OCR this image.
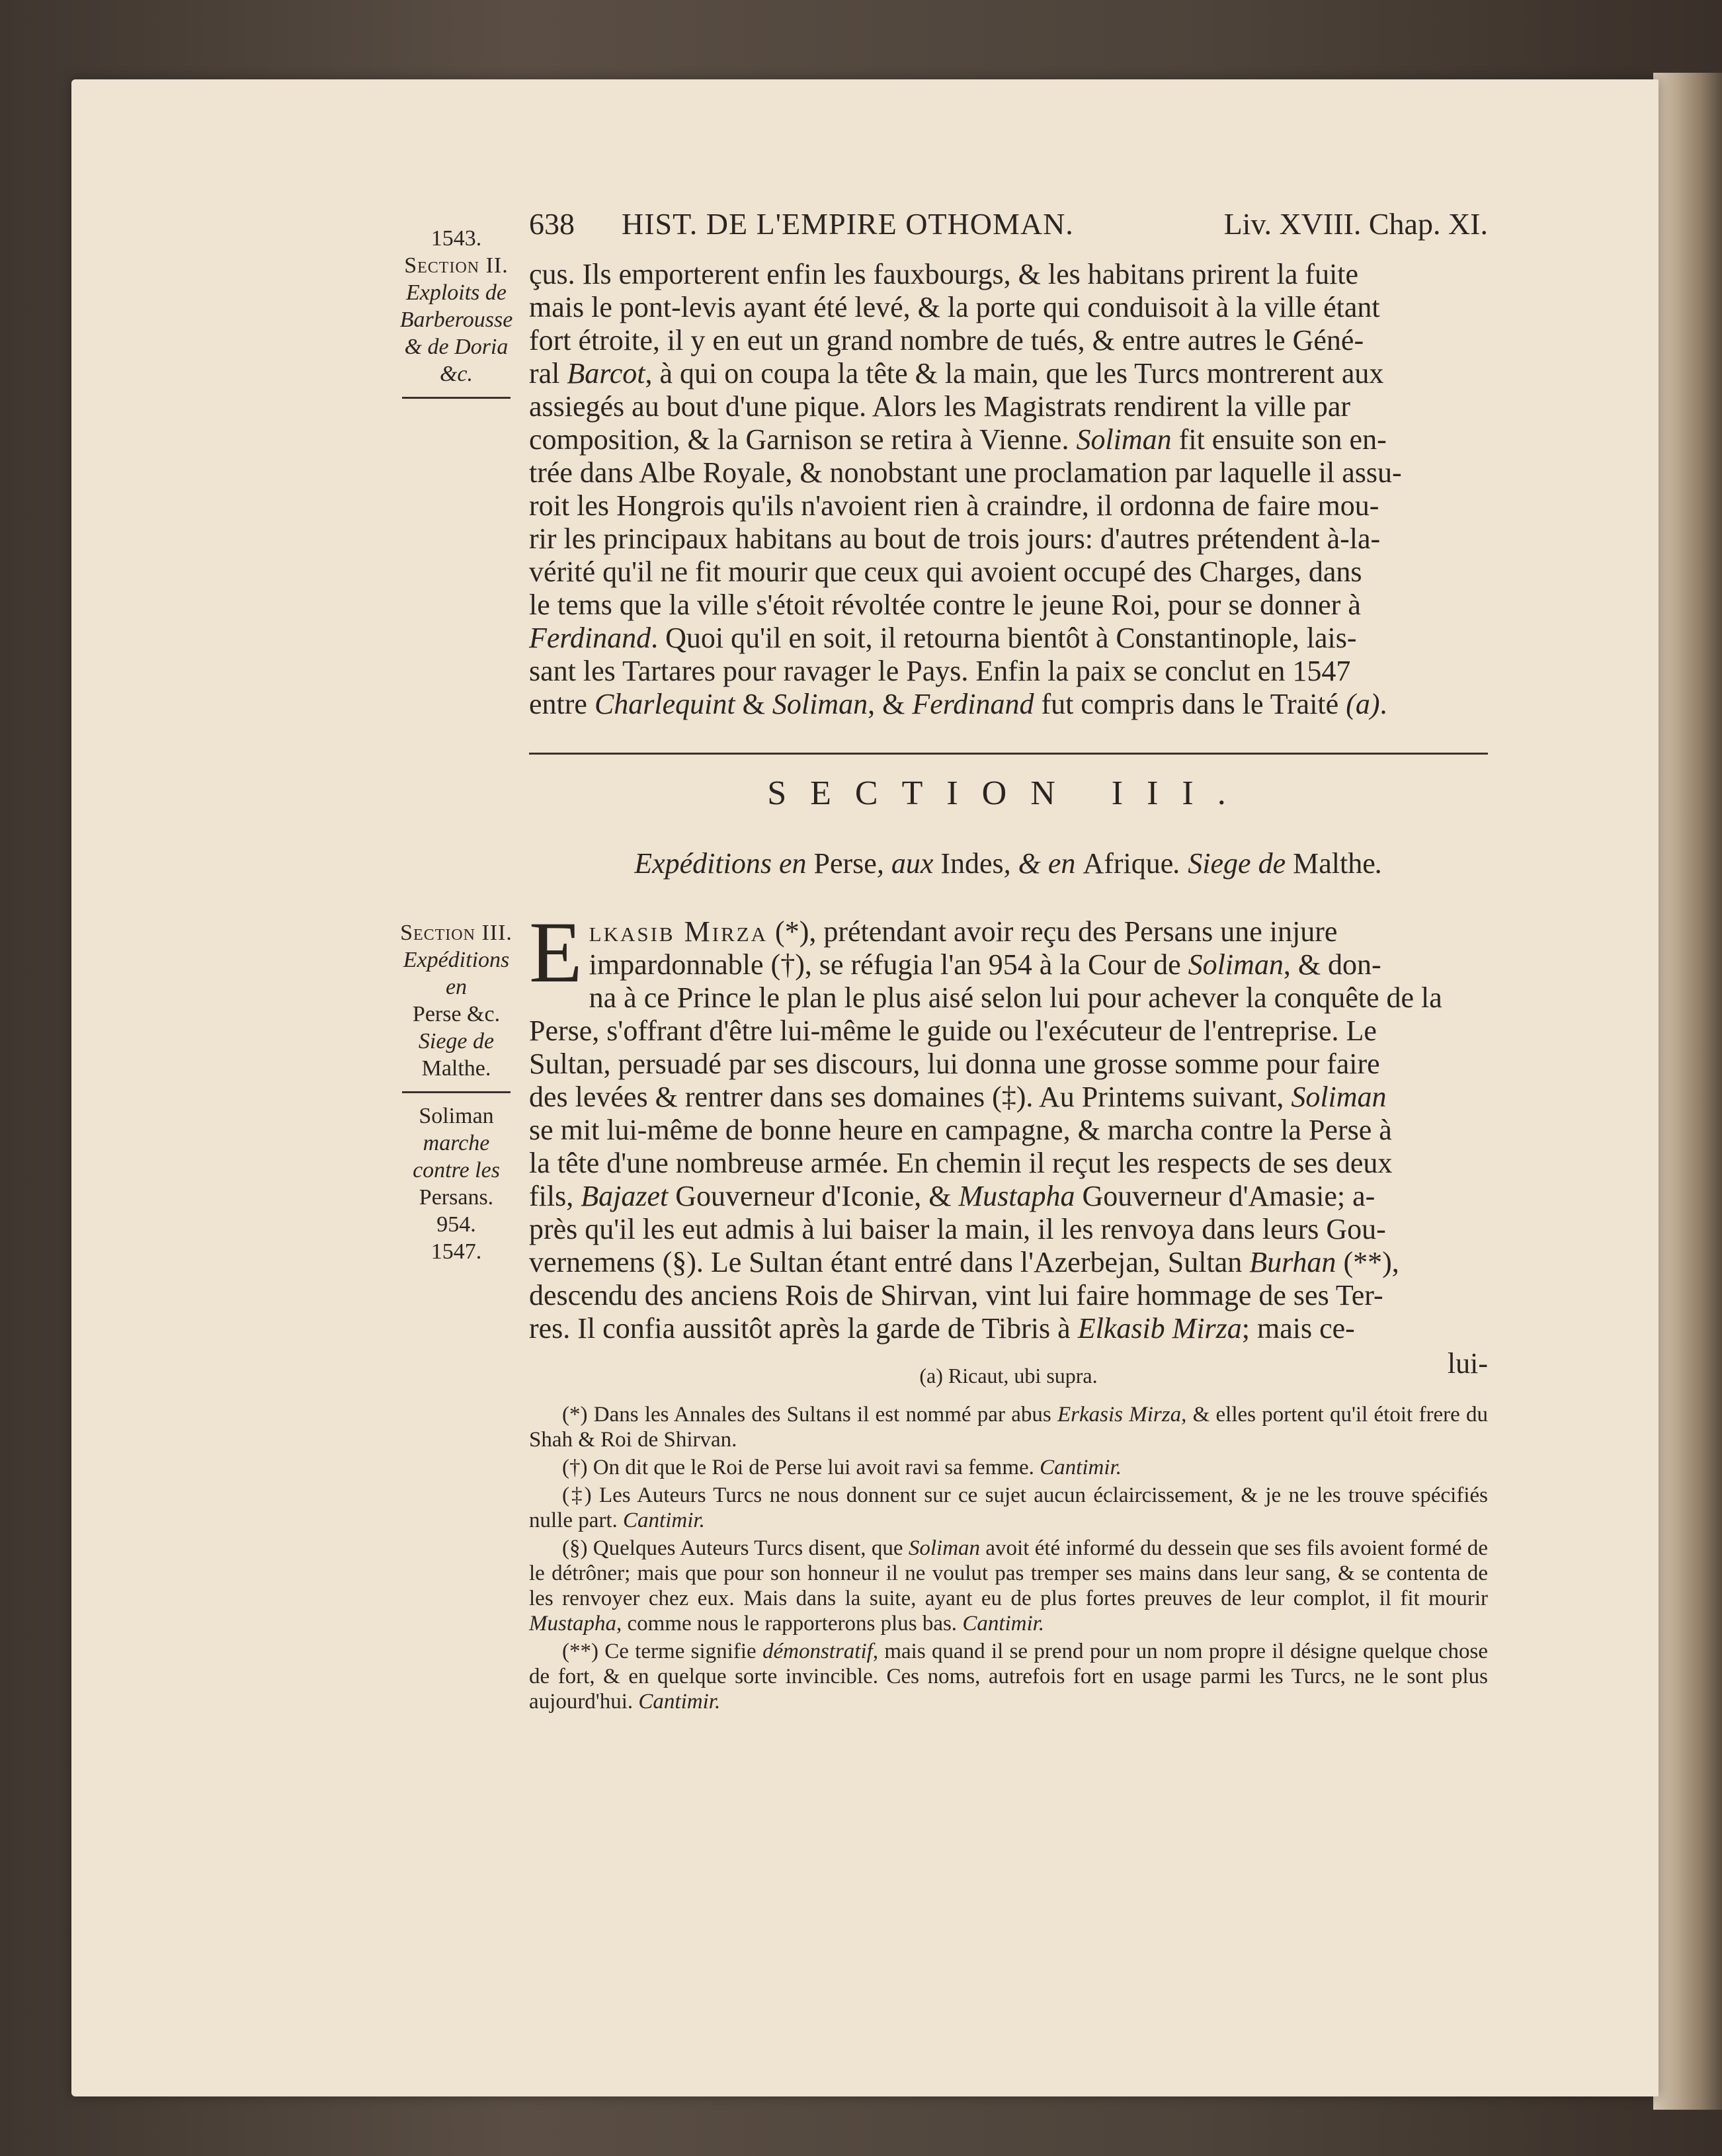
638 HIST. DE L'EMPIRE OTHOMAN.	Liv. XVIII. Chap. XI.
1543.
Section II.
Exploits de Barberousse & de Doria &c.
çus. Ils emporterent enfin les fauxbourgs, & les habitans prirent la fuite
mais le pont-levis ayant été levé, & la porte qui conduisoit à la ville étant
fort étroite, il y en eut un grand nombre de tués, & entre autres le Géné-
ral Barcot, à qui on coupa la tête & la main, que les Turcs montrerent aux
assiegés au bout d'une pique. Alors les Magistrats rendirent la ville par
composition, & la Garnison se retira à Vienne. Soliman fit ensuite son en-
trée dans Albe Royale, & nonobstant une proclamation par laquelle il assu-
roit les Hongrois qu'ils n'avoient rien à craindre, il ordonna de faire mou-
rir les principaux habitans au bout de trois jours: d'autres prétendent à-la-
vérité qu'il ne fit mourir que ceux qui avoient occupé des Charges, dans
le tems que la ville s'étoit révoltée contre le jeune Roi, pour se donner à
Ferdinand. Quoi qu'il en soit, il retourna bientôt à Constantinople, lais-
sant les Tartares pour ravager le Pays. Enfin la paix se conclut en 1547
entre Charlequint & Soliman, & Ferdinand fut compris dans le Traité (a).
SECTION III.
Expéditions en Perse, aux Indes, & en Afrique. Siege de Malthe.
Section III.
Expéditions en
Perse &c.
Siege de
Malthe.
Soliman
marche contre les
Persans.
954.
1547.
E lkasib Mirza (*), prétendant avoir reçu des Persans une injure
impardonnable (†), se réfugia l'an 954 à la Cour de Soliman, & don-
na à ce Prince le plan le plus aisé selon lui pour achever la conquête de la
Perse, s'offrant d'être lui-même le guide ou l'exécuteur de l'entreprise. Le
Sultan, persuadé par ses discours, lui donna une grosse somme pour faire
des levées & rentrer dans ses domaines (‡). Au Printems suivant, Soliman
se mit lui-même de bonne heure en campagne, & marcha contre la Perse à
la tête d'une nombreuse armée. En chemin il reçut les respects de ses deux
fils, Bajazet Gouverneur d'Iconie, & Mustapha Gouverneur d'Amasie; a-
près qu'il les eut admis à lui baiser la main, il les renvoya dans leurs Gou-
vernemens (§). Le Sultan étant entré dans l'Azerbejan, Sultan Burhan (**),
descendu des anciens Rois de Shirvan, vint lui faire hommage de ses Ter-
res. Il confia aussitôt après la garde de Tibris à Elkasib Mirza; mais ce-
lui-
(a) Ricaut, ubi supra.

(*) Dans les Annales des Sultans il est nommé par abus Erkasis Mirza, & elles portent qu'il étoit frere du Shah & Roi de Shirvan.

(†) On dit que le Roi de Perse lui avoit ravi sa femme. Cantimir.

(‡) Les Auteurs Turcs ne nous donnent sur ce sujet aucun éclaircissement, & je ne les trouve spécifiés nulle part. Cantimir.

(§) Quelques Auteurs Turcs disent, que Soliman avoit été informé du dessein que ses fils avoient formé de le détrôner; mais que pour son honneur il ne voulut pas tremper ses mains dans leur sang, & se contenta de les renvoyer chez eux. Mais dans la suite, ayant eu de plus fortes preuves de leur complot, il fit mourir Mustapha, comme nous le rapporterons plus bas. Cantimir.

(**) Ce terme signifie démonstratif, mais quand il se prend pour un nom propre il désigne quelque chose de fort, & en quelque sorte invincible. Ces noms, autrefois fort en usage parmi les Turcs, ne le sont plus aujourd'hui. Cantimir.
